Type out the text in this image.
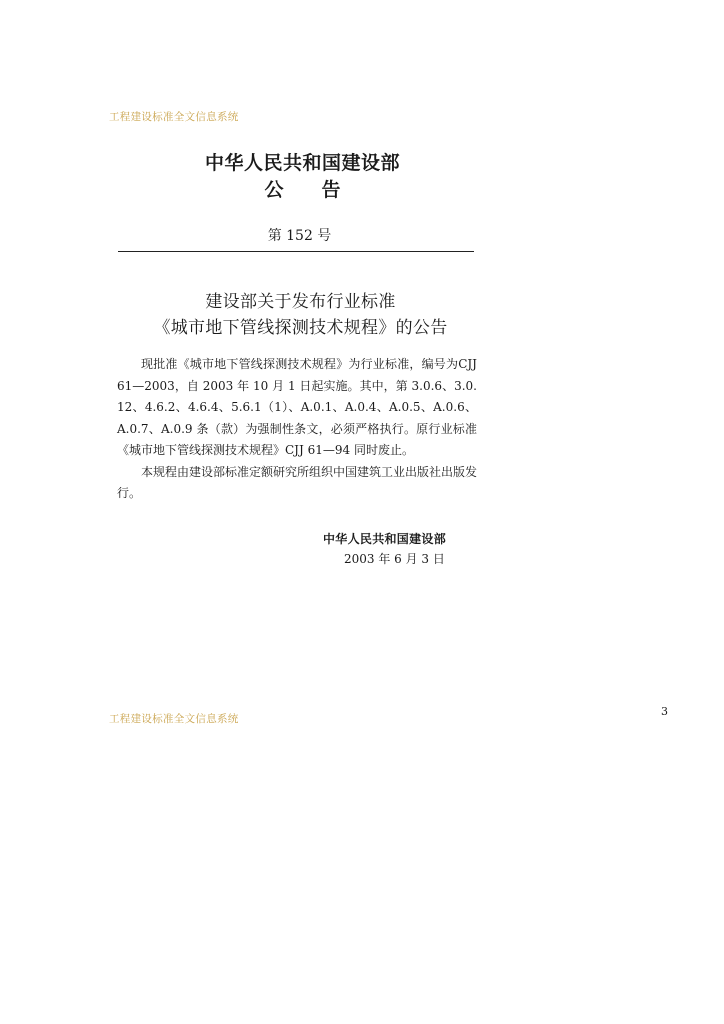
工程建设标准全文信息系统
中华人民共和国建设部
公告
第 152 号
建设部关于发布行业标准
《城市地下管线探测技术规程》的公告

现批准《城市地下管线探测技术规程》为行业标准，编号为CJJ 61—2003，自 2003 年 10 月 1 日起实施。其中，第 3.0.6、3.0.12、4.6.2、4.6.4、5.6.1（1）、A.0.1、A.0.4、A.0.5、A.0.6、A.0.7、A.0.9 条（款）为强制性条文，必须严格执行。原行业标准《城市地下管线探测技术规程》CJJ 61—94 同时废止。

本规程由建设部标准定额研究所组织中国建筑工业出版社出版发行。

中华人民共和国建设部
2003 年 6 月 3 日
工程建设标准全文信息系统
3
